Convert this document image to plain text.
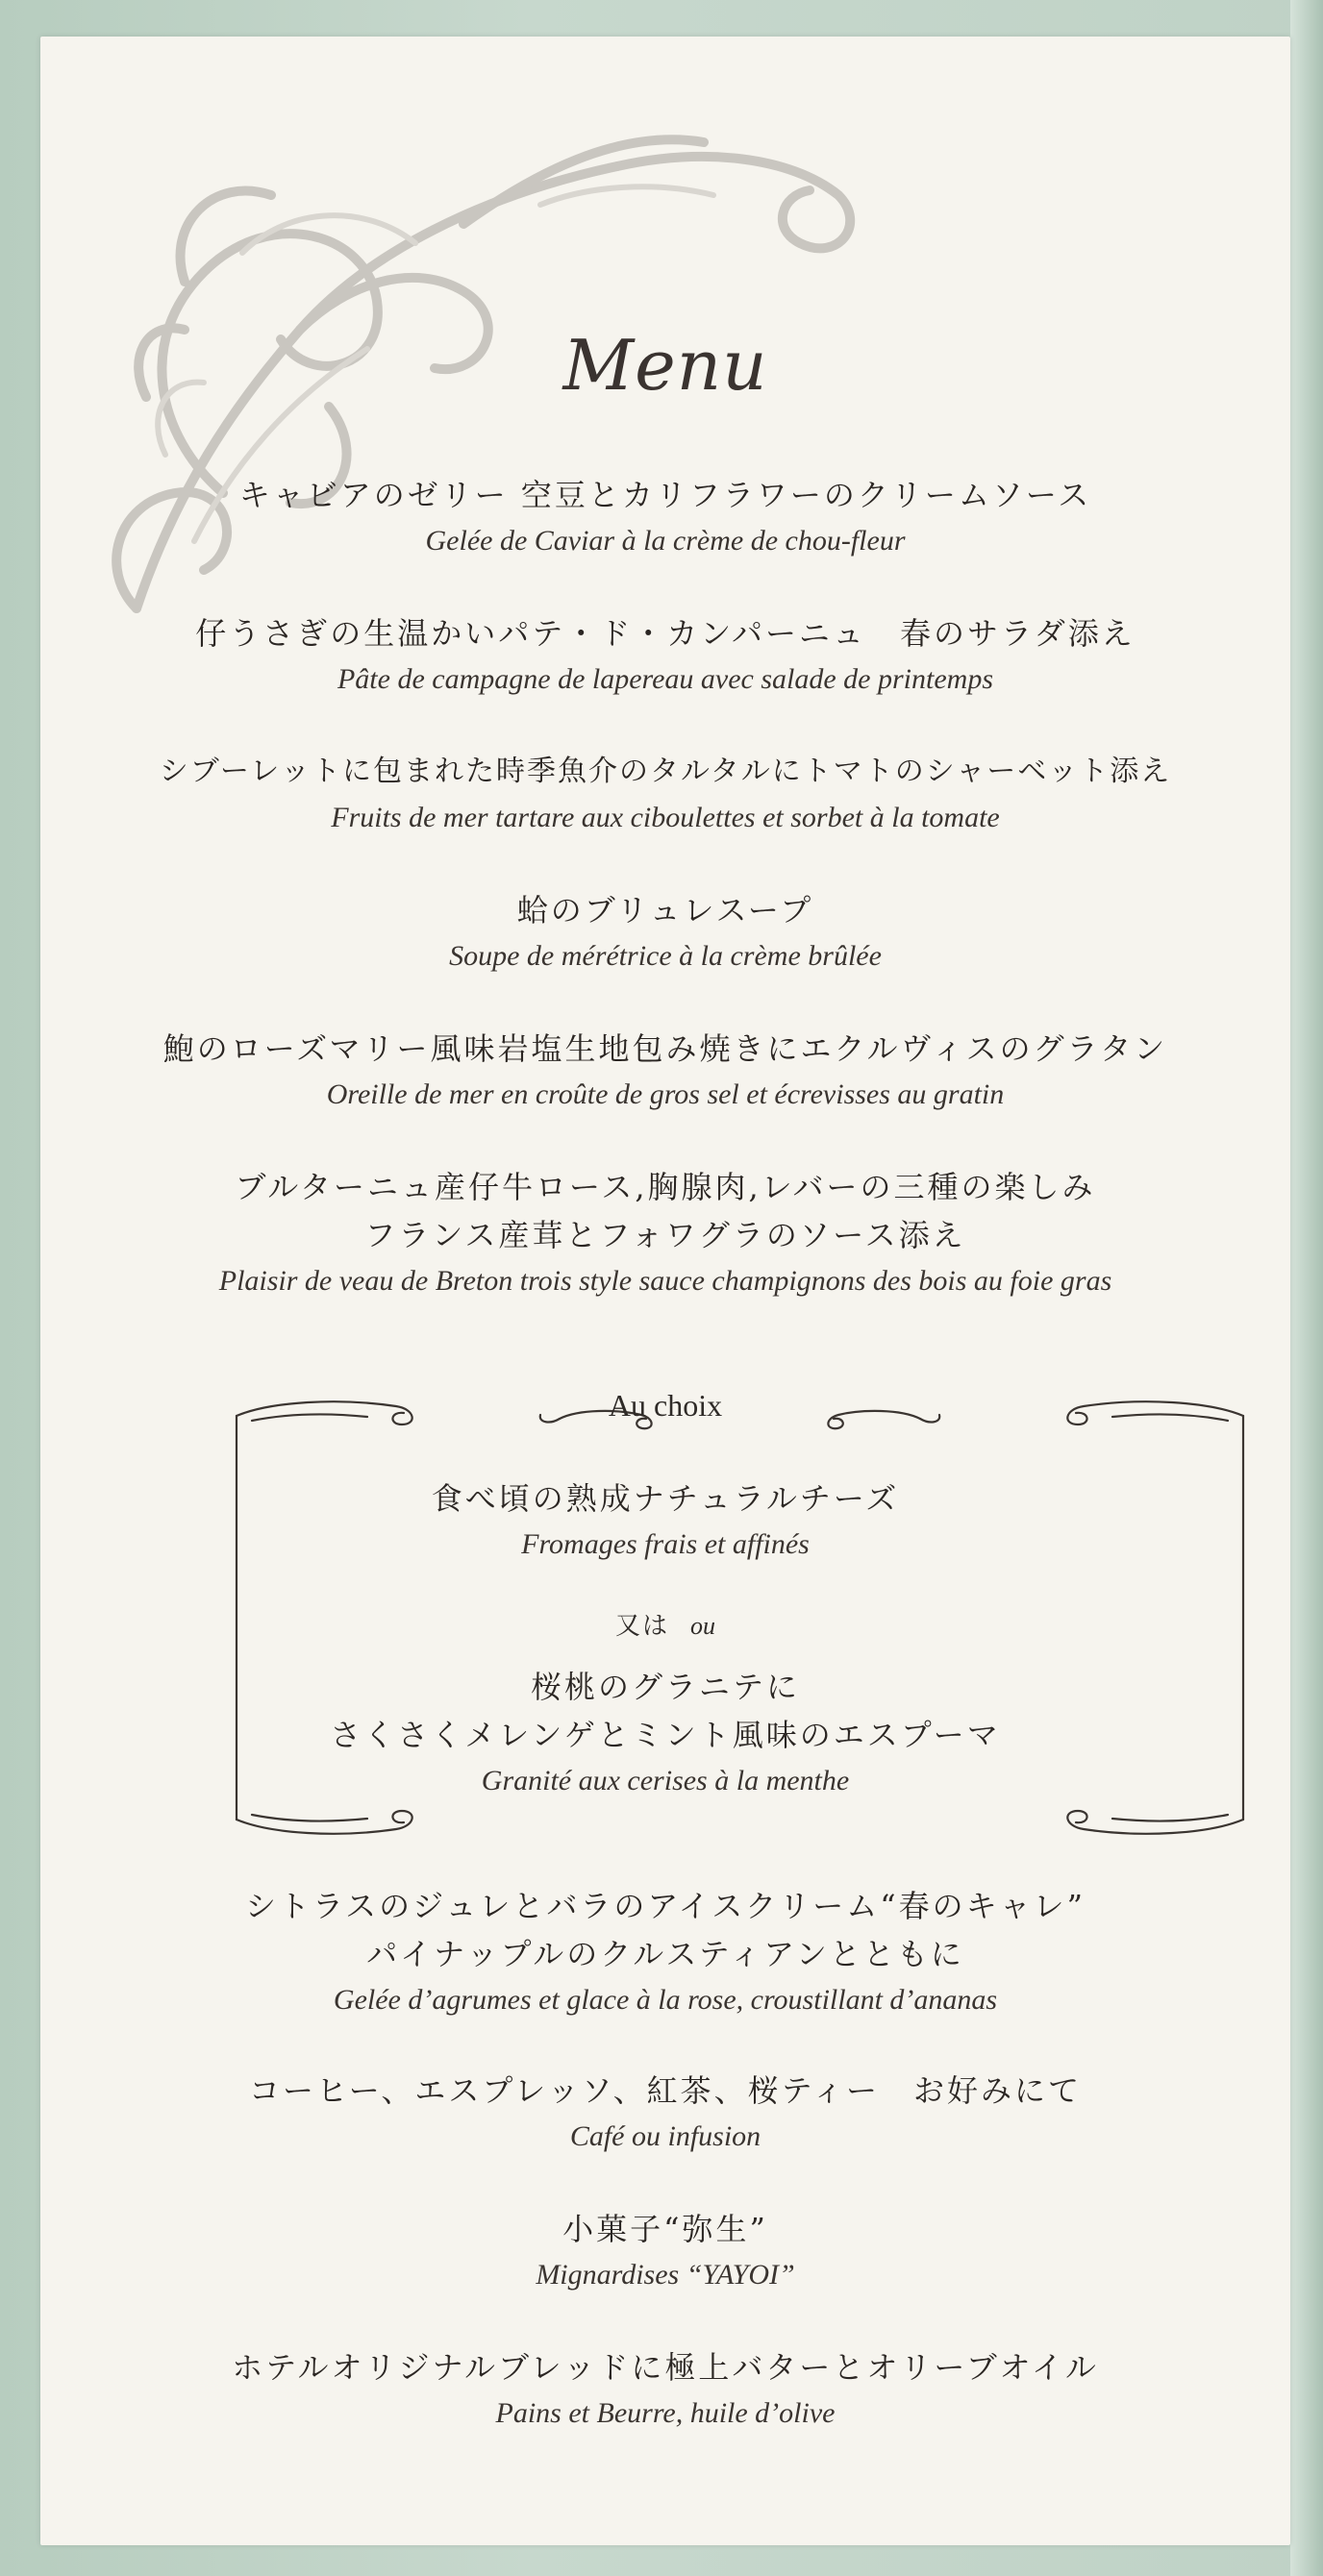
Menu
キャビアのゼリー 空豆とカリフラワーのクリームソース
Gelée de Caviar à la crème de chou-fleur
仔うさぎの生温かいパテ・ド・カンパーニュ　春のサラダ添え
Pâte de campagne de lapereau avec salade de printemps
シブーレットに包まれた時季魚介のタルタルにトマトのシャーベット添え
Fruits de mer tartare aux ciboulettes et sorbet à la tomate
蛤のブリュレスープ
Soupe de mérétrice à la crème brûlée
鮑のローズマリー風味岩塩生地包み焼きにエクルヴィスのグラタン
Oreille de mer en croûte de gros sel et écrevisses au gratin
ブルターニュ産仔牛ロース,胸腺肉,レバーの三種の楽しみ
フランス産茸とフォワグラのソース添え
Plaisir de veau de Breton trois style sauce champignons des bois au foie gras
Au choix
食べ頃の熟成ナチュラルチーズ
Fromages frais et affinés
又は ou
桜桃のグラニテに
さくさくメレンゲとミント風味のエスプーマ
Granité aux cerises à la menthe
シトラスのジュレとバラのアイスクリーム“春のキャレ”
パイナップルのクルスティアンとともに
Gelée d’agrumes et glace à la rose, croustillant d’ananas
コーヒー、エスプレッソ、紅茶、桜ティー　お好みにて
Café ou infusion
小菓子“弥生”
Mignardises “YAYOI”
ホテルオリジナルブレッドに極上バターとオリーブオイル
Pains et Beurre, huile d’olive
